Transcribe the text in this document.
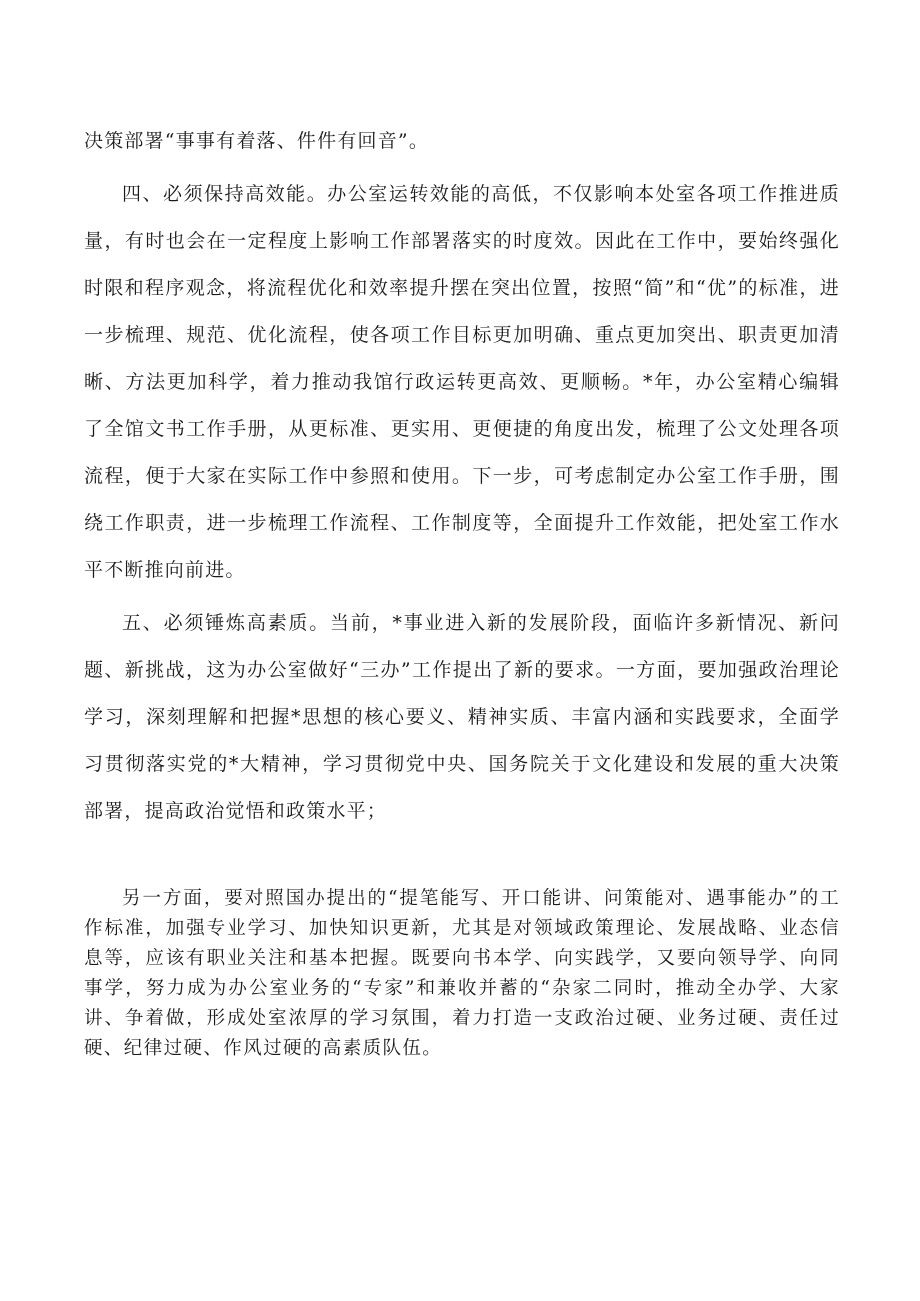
决策部署“事事有着落、件件有回音”。

四、必须保持高效能。办公室运转效能的高低，不仅影响本处室各项工作推进质量，有时也会在一定程度上影响工作部署落实的时度效。因此在工作中，要始终强化时限和程序观念，将流程优化和效率提升摆在突出位置，按照“简”和“优”的标准，进一步梳理、规范、优化流程，使各项工作目标更加明确、重点更加突出、职责更加清晰、方法更加科学，着力推动我馆行政运转更高效、更顺畅。*年，办公室精心编辑了全馆文书工作手册，从更标准、更实用、更便捷的角度出发，梳理了公文处理各项流程，便于大家在实际工作中参照和使用。下一步，可考虑制定办公室工作手册，围绕工作职责，进一步梳理工作流程、工作制度等，全面提升工作效能，把处室工作水平不断推向前进。

五、必须锤炼高素质。当前，*事业进入新的发展阶段，面临许多新情况、新问题、新挑战，这为办公室做好“三办”工作提出了新的要求。一方面，要加强政治理论学习，深刻理解和把握*思想的核心要义、精神实质、丰富内涵和实践要求，全面学习贯彻落实党的*大精神，学习贯彻党中央、国务院关于文化建设和发展的重大决策部署，提高政治觉悟和政策水平；

另一方面，要对照国办提出的“提笔能写、开口能讲、问策能对、遇事能办”的工作标准，加强专业学习、加快知识更新，尤其是对领域政策理论、发展战略、业态信息等，应该有职业关注和基本把握。既要向书本学、向实践学，又要向领导学、向同事学，努力成为办公室业务的“专家”和兼收并蓄的“杂家二同时，推动全办学、大家讲、争着做，形成处室浓厚的学习氛围，着力打造一支政治过硬、业务过硬、责任过硬、纪律过硬、作风过硬的高素质队伍。
